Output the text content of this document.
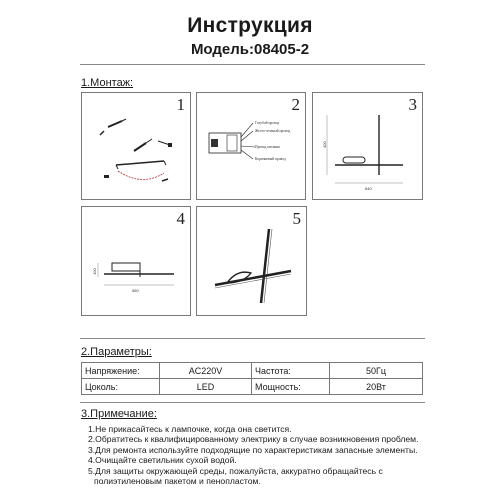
Инструкция
Модель:08405-2
1.Монтаж:
1	2
Голубой провод
Желто-зеленый провод
Провод питания
Коричневый провод
3
400
640
4
100
560
5
2.Параметры:
Напряжение:	AC220V	Частота:	50Гц
Цоколь:	LED	Мощность:	20Вт
3.Примечание:
1.Не прикасайтесь к лампочке, когда она светится.
2.Обратитесь к квалифицированному электрику в случае возникновения проблем.
3.Для ремонта используйте подходящие по характеристикам запасные элементы.
4.Очищайте светильник сухой водой.
5.Для защиты окружающей среды, пожалуйста, аккуратно обращайтесь с
полиэтиленовым пакетом и пенопластом.
